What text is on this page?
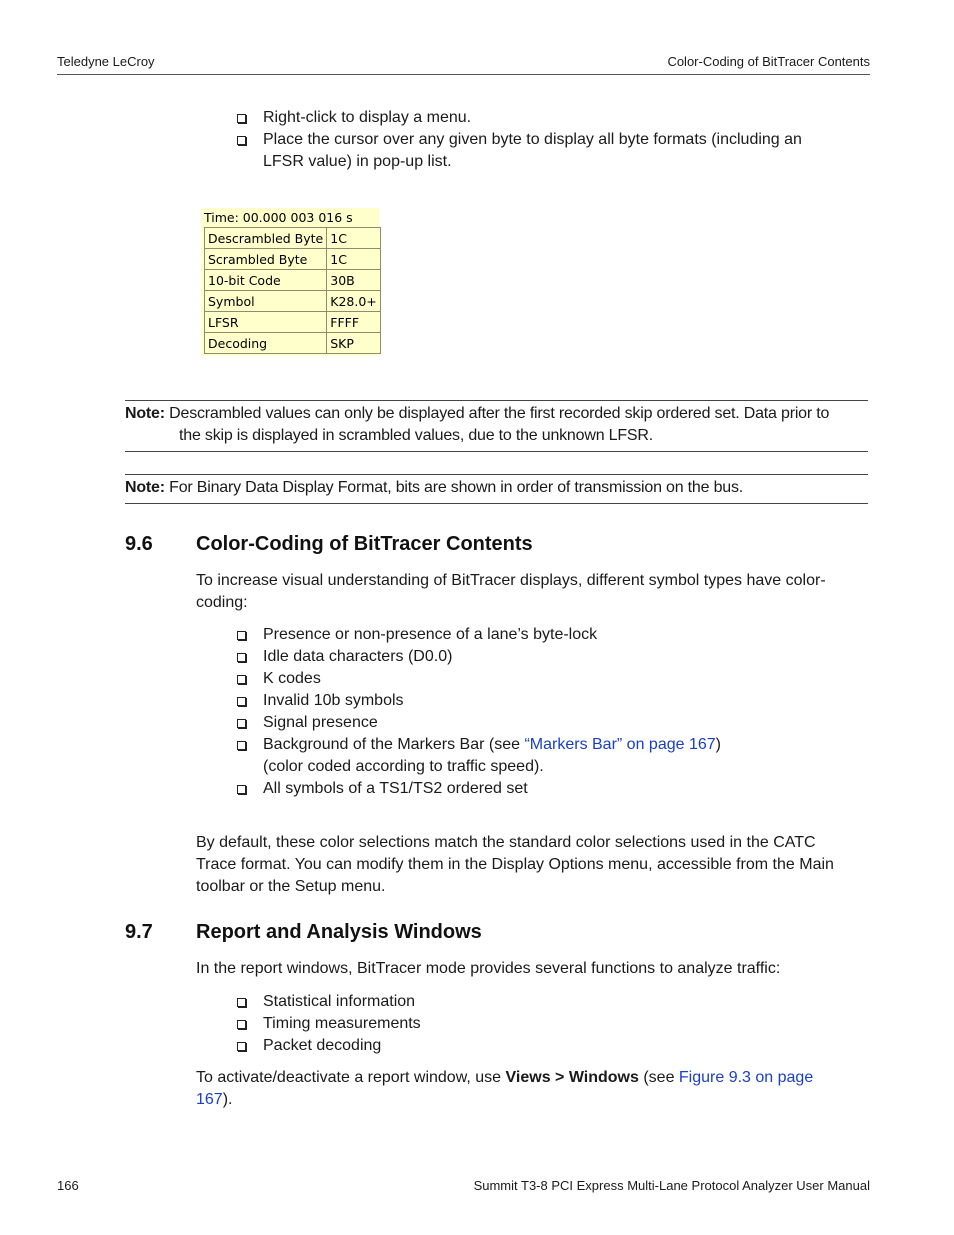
Teledyne LeCroy	Color-Coding of BitTracer Contents
Right-click to display a menu.
Place the cursor over any given byte to display all byte formats (including an LFSR value) in pop-up list.
Time: 00.000 003 016 s
Descrambled Byte	1C
Scrambled Byte	1C
10-bit Code	30B
Symbol	K28.0+
LFSR	FFFF
Decoding	SKP
Note: Descrambled values can only be displayed after the first recorded skip ordered set. Data prior to
the skip is displayed in scrambled values, due to the unknown LFSR.
Note: For Binary Data Display Format, bits are shown in order of transmission on the bus.
9.6 Color-Coding of BitTracer Contents
To increase visual understanding of BitTracer displays, different symbol types have color-coding:
Presence or non-presence of a lane’s byte-lock
Idle data characters (D0.0)
K codes
Invalid 10b symbols
Signal presence
Background of the Markers Bar (see “Markers Bar” on page 167)
(color coded according to traffic speed).
All symbols of a TS1/TS2 ordered set
By default, these color selections match the standard color selections used in the CATC Trace format. You can modify them in the Display Options menu, accessible from the Main toolbar or the Setup menu.
9.7 Report and Analysis Windows
In the report windows, BitTracer mode provides several functions to analyze traffic:
Statistical information
Timing measurements
Packet decoding
To activate/deactivate a report window, use Views > Windows (see Figure 9.3 on page 167).
166	Summit T3-8 PCI Express Multi-Lane Protocol Analyzer User Manual
